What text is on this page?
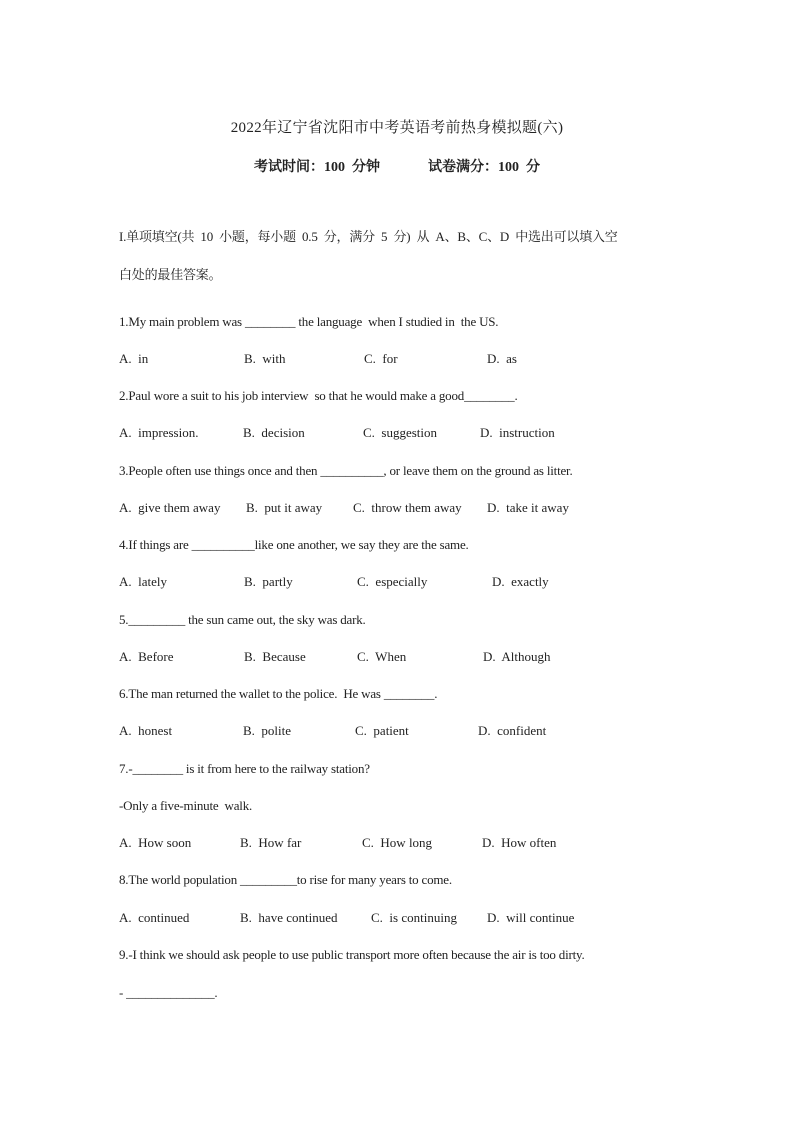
2022年辽宁省沈阳市中考英语考前热身模拟题(六)
考试时间：100  分钟	试卷满分：100  分
I.单项填空(共  10  小题，每小题  0.5  分，满分  5  分)  从  A、B、C、D  中选出可以填入空
白处的最佳答案。
1.My main problem was ________ the language  when I studied in  the US.
A.  in	B.  with	C.  for	D.  as
2.Paul wore a suit to his job interview  so that he would make a good________.
A.  impression.	B.  decision	C.  suggestion	D.  instruction
3.People often use things once and then __________, or leave them on the ground as litter.
A.  give them away B.  put it away C.  throw them away D.  take it away
4.If things are __________like one another, we say they are the same.
A.  lately	B.  partly	C.  especially	D.  exactly
5._________ the sun came out, the sky was dark.
A.  Before	B.  Because	C.  When	D.  Although
6.The man returned the wallet to the police.  He was ________.
A.  honest	B.  polite	C.  patient	D.  confident
7.-________ is it from here to the railway station?
-Only a five-minute  walk.
A.  How soon	B.  How far	C.  How long	D.  How often
8.The world population _________to rise for many years to come.
A.  continued	B.  have continued	C.  is continuing D.  will continue
9.-I think we should ask people to use public transport more often because the air is too dirty.
- ______________.
